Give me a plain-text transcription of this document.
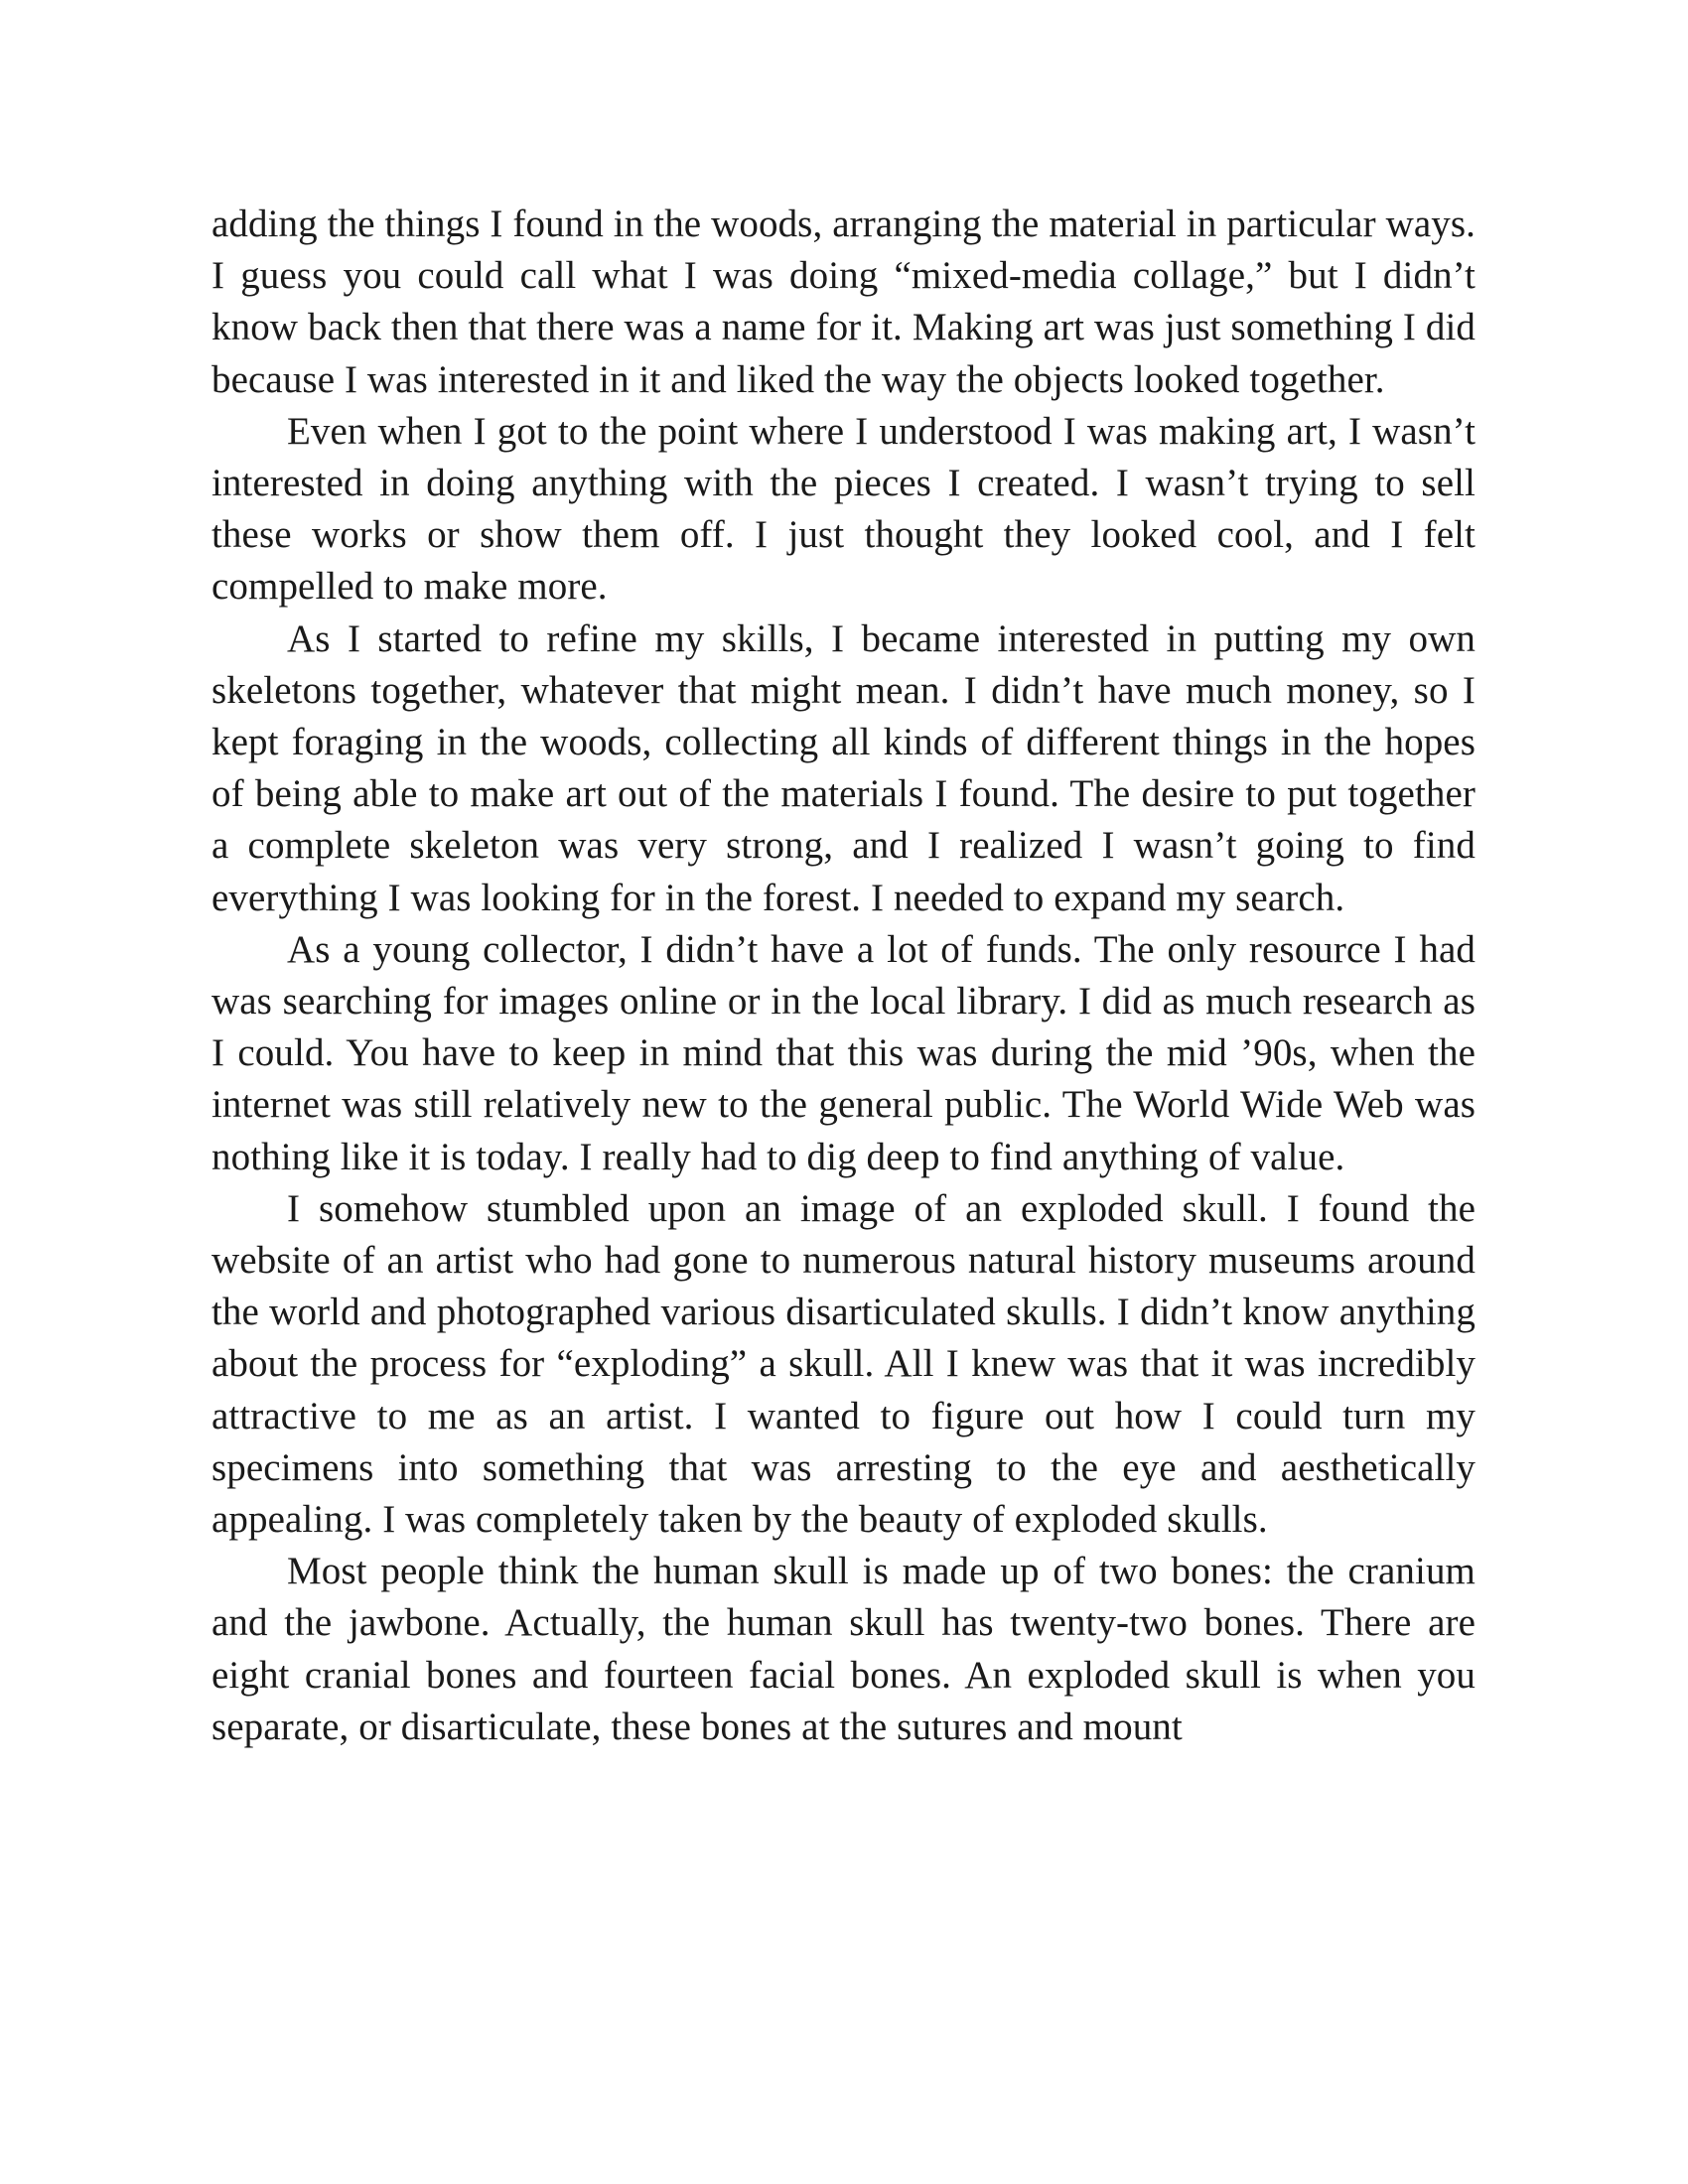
adding the things I found in the woods, arranging the material in particular ways. I guess you could call what I was doing “mixed-media collage,” but I didn’t know back then that there was a name for it. Making art was just something I did because I was interested in it and liked the way the objects looked together.

Even when I got to the point where I understood I was making art, I wasn’t interested in doing anything with the pieces I created. I wasn’t trying to sell these works or show them off. I just thought they looked cool, and I felt compelled to make more.

As I started to refine my skills, I became interested in putting my own skeletons together, whatever that might mean. I didn’t have much money, so I kept foraging in the woods, collecting all kinds of different things in the hopes of being able to make art out of the materials I found. The desire to put together a complete skeleton was very strong, and I realized I wasn’t going to find everything I was looking for in the forest. I needed to expand my search.

As a young collector, I didn’t have a lot of funds. The only resource I had was searching for images online or in the local library. I did as much research as I could. You have to keep in mind that this was during the mid ’90s, when the internet was still relatively new to the general public. The World Wide Web was nothing like it is today. I really had to dig deep to find anything of value.

I somehow stumbled upon an image of an exploded skull. I found the website of an artist who had gone to numerous natural history museums around the world and photographed various disarticulated skulls. I didn’t know anything about the process for “exploding” a skull. All I knew was that it was incredibly attractive to me as an artist. I wanted to figure out how I could turn my specimens into something that was arresting to the eye and aesthetically appealing. I was completely taken by the beauty of exploded skulls.

Most people think the human skull is made up of two bones: the cranium and the jawbone. Actually, the human skull has twenty-two bones. There are eight cranial bones and fourteen facial bones. An exploded skull is when you separate, or disarticulate, these bones at the sutures and mount
